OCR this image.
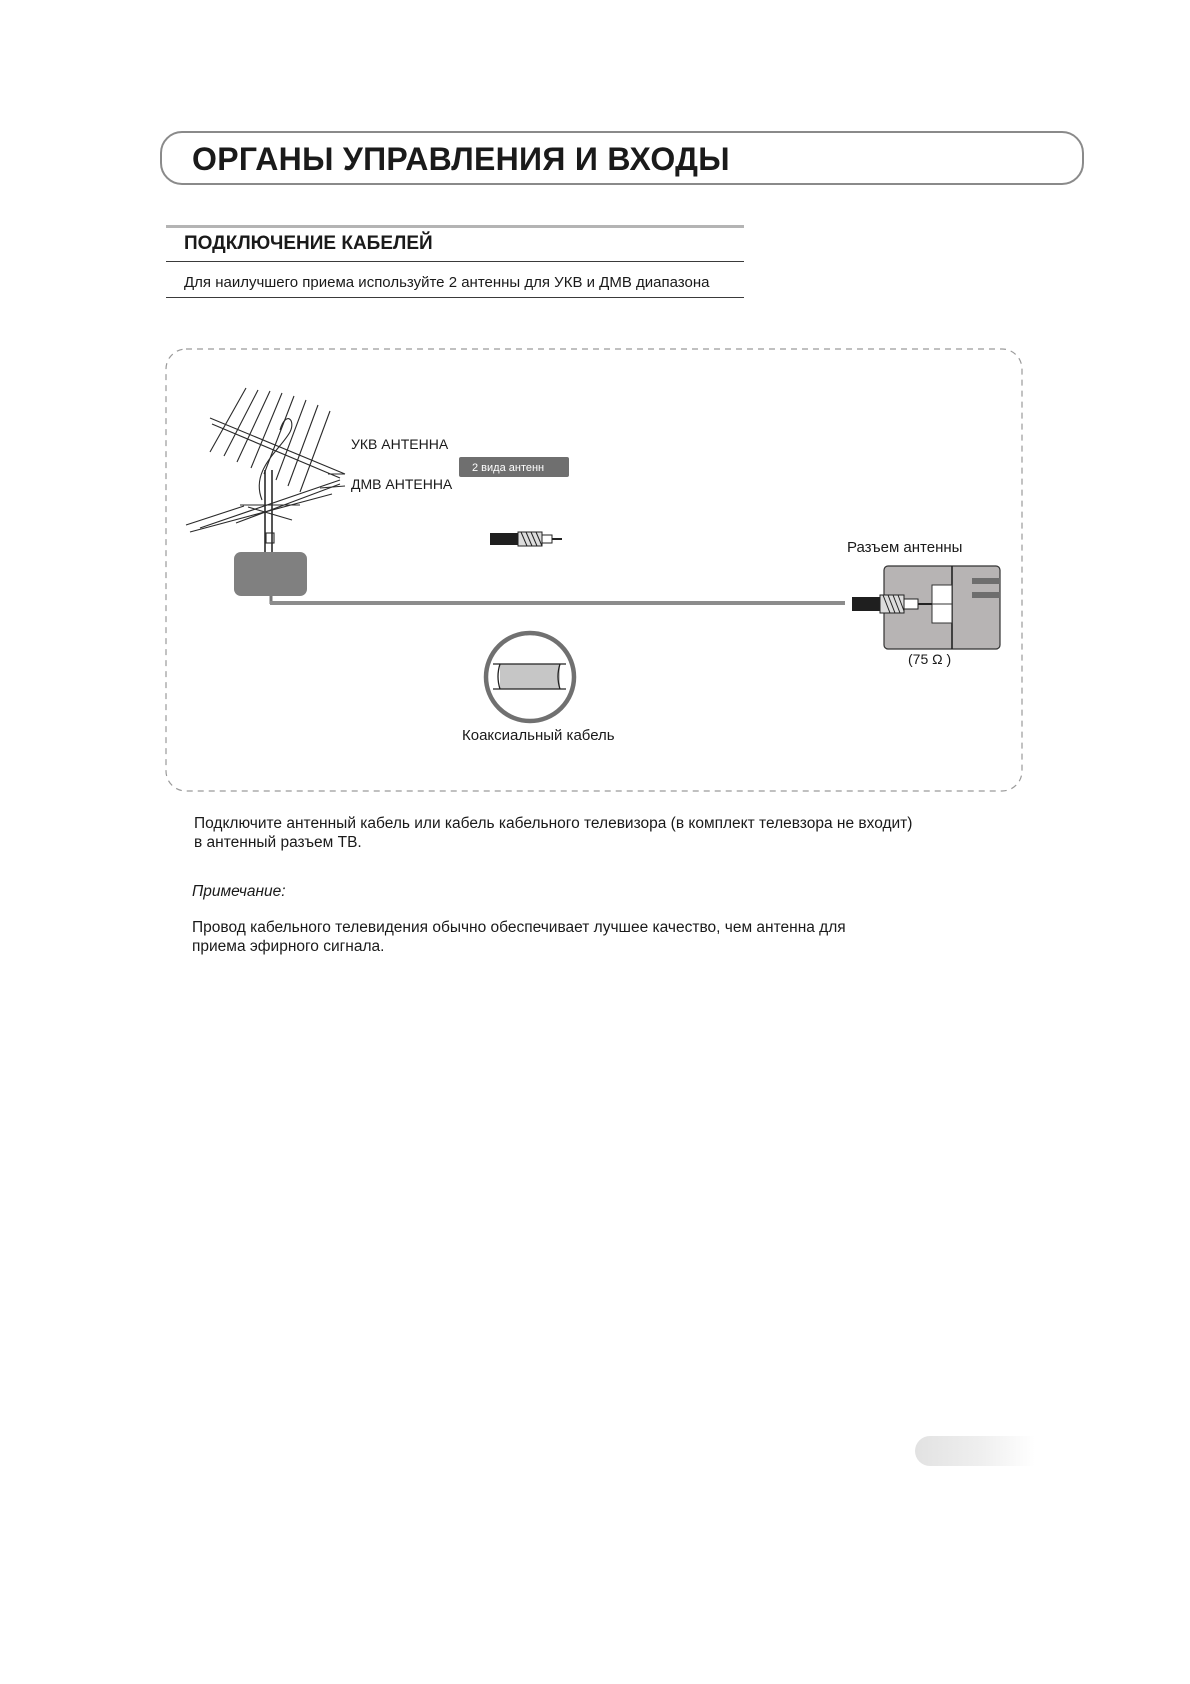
ОРГАНЫ УПРАВЛЕНИЯ И ВХОДЫ
ПОДКЛЮЧЕНИЕ КАБЕЛЕЙ
Для наилучшего приема используйте 2 антенны для УКВ и ДМВ диапазона
УКВ АНТЕННА
ДМВ АНТЕННА
2 вида антенн
Разъем антенны
(75 Ω )
Коаксиальный кабель
Подключите антенный кабель или кабель кабельного телевизора (в комплект телевзора не входит)
в антенный разъем ТВ.
Примечание:
Провод кабельного телевидения обычно обеспечивает лучшее качество, чем антенна для
приема эфирного сигнала.
